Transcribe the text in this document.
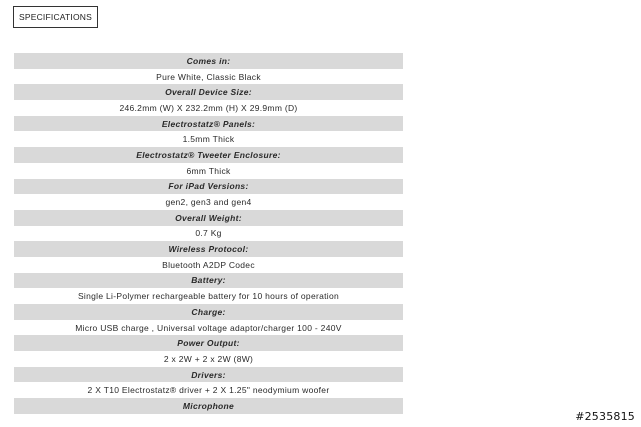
SPECIFICATIONS
Comes in:
Pure White, Classic Black
Overall Device Size:
246.2mm (W) X 232.2mm (H) X 29.9mm (D)
Electrostatz® Panels:
1.5mm Thick
Electrostatz® Tweeter Enclosure:
6mm Thick
For iPad Versions:
gen2, gen3 and gen4
Overall Weight:
0.7 Kg
Wireless Protocol:
Bluetooth A2DP Codec
Battery:
Single Li-Polymer rechargeable battery for 10 hours of operation
Charge:
Micro USB charge , Universal voltage adaptor/charger 100 - 240V
Power Output:
2 x 2W + 2 x 2W (8W)
Drivers:
2 X T10 Electrostatz® driver + 2 X 1.25" neodymium woofer
Microphone
#2535815
